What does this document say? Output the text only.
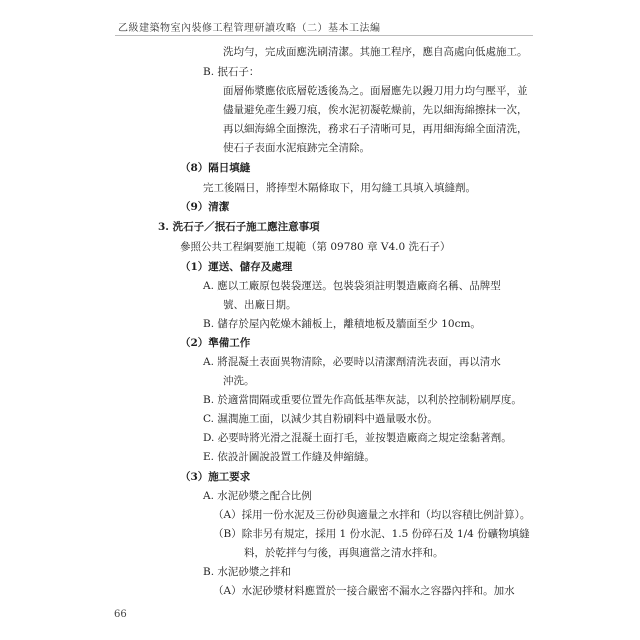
乙級建築物室內裝修工程管理研讀攻略（二）基本工法編
洗均勻，完成面應洗刷清潔。其施工程序，應自高處向低處施工。
B. 抿石子：
面層佈漿應依底層乾透後為之。面層應先以鏝刀用力均勻壓平，並
儘量避免產生鏝刀痕，俟水泥初凝乾燥前，先以細海綿擦抹一次，
再以細海綿全面擦洗，務求石子清晰可見，再用細海綿全面清洗，
使石子表面水泥痕跡完全清除。
（8）隔日填縫
完工後隔日，將捧型木隔條取下，用勾縫工具填入填縫劑。
（9）清潔
3. 洗石子／抿石子施工應注意事項
參照公共工程綱要施工規範（第 09780 章 V4.0 洗石子）
（1）運送、儲存及處理
A. 應以工廠原包裝袋運送。包裝袋須註明製造廠商名稱、品牌型
號、出廠日期。
B. 儲存於屋內乾燥木鋪板上，離積地板及牆面至少 10cm。
（2）準備工作
A. 將混凝土表面異物清除，必要時以清潔劑清洗表面，再以清水
沖洗。
B. 於適當間隔或重要位置先作高低基準灰誌，以利於控制粉刷厚度。
C. 濕潤施工面，以減少其自粉刷料中過量吸水份。
D. 必要時將光滑之混凝土面打毛，並按製造廠商之規定塗黏著劑。
E. 依設計圖說設置工作縫及伸縮縫。
（3）施工要求
A. 水泥砂漿之配合比例
（A）採用一份水泥及三份砂與適量之水拌和（均以容積比例計算）。
（B）除非另有規定，採用 1 份水泥、1.5 份碎石及 1/4 份礦物填縫
料，於乾拌勻勻後，再與適當之清水拌和。
B. 水泥砂漿之拌和
（A）水泥砂漿材料應置於一接合嚴密不漏水之容器內拌和。加水
66
